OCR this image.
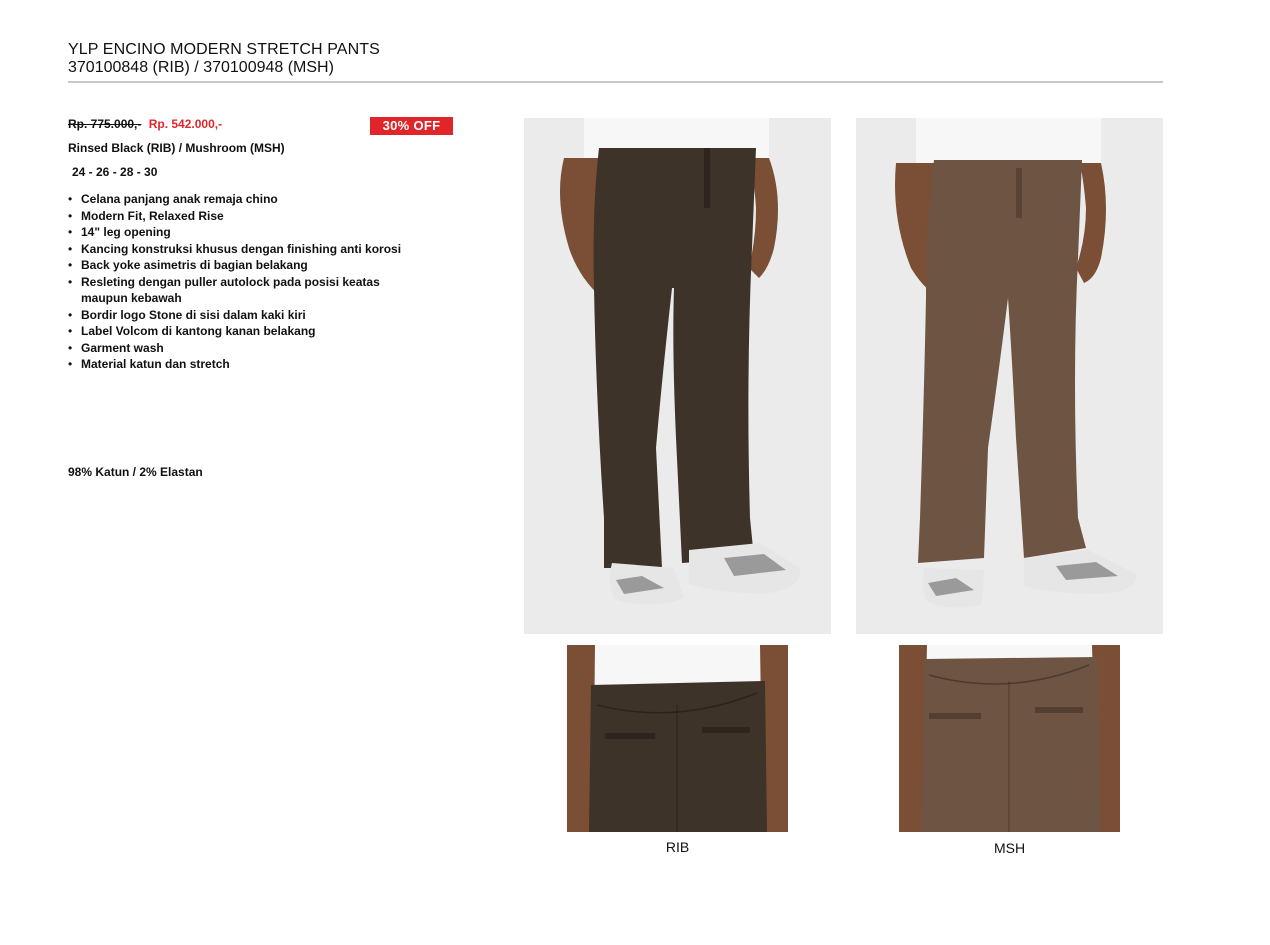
YLP ENCINO MODERN STRETCH PANTS
370100848 (RIB) / 370100948 (MSH)
Rp. 775.000,- Rp. 542.000,-	30% OFF
Rinsed Black (RIB) / Mushroom (MSH)
24 - 26 - 28 - 30
• Celana panjang anak remaja chino
• Modern Fit, Relaxed Rise
• 14" leg opening
• Kancing konstruksi khusus dengan finishing anti korosi
• Back yoke asimetris di bagian belakang
• Resleting dengan puller autolock pada posisi keatas maupun kebawah
• Bordir logo Stone di sisi dalam kaki kiri
• Label Volcom di kantong kanan belakang
• Garment wash
• Material katun dan stretch
98% Katun / 2% Elastan
RIB	MSH
